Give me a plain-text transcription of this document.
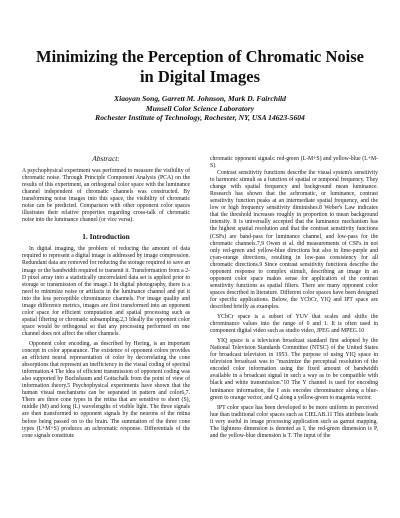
Minimizing the Perception of Chromatic Noise
in Digital Images
Xiaoyan Song, Garrett M. Johnson, Mark D. Fairchild
Munsell Color Science Laboratory
Rochester Institute of Technology, Rochester, NY, USA 14623-5604
Abstract:

A psychophysical experiment was performed to measure the visibility of chromatic noise. Through Principle Component Analysis (PCA) on the results of this experiment, an orthogonal color space with the luminance channel independent of chromatic channels was constructed. By transforming noise images into this space, the visibility of chromatic noise can be predicted. Comparison with other opponent color spaces illustrates their relative properties regarding cross-talk of chromatic noise into the luminance channel (or vice versa).

1. Introduction

In digital imaging, the problem of reducing the amount of data required to represent a digital image is addressed by image compression. Redundant data are removed for reducing the storage required to save an image or the bandwidth required to transmit it. Transformation from a 2-D pixel array into a statistically uncorrelated data set is applied prior to storage or transmission of the image.1 In digital photography, there is a need to minimize noise or artifacts in the luminance channel and put it into the less perceptible chrominance channels. For image quality and image difference metrics, images are first transformed into an opponent color space for efficient computation and spatial processing such as spatial filtering or chromatic subsampling.2,3 Ideally the opponent color space would be orthogonal so that any processing performed on one channel does not affect the other channels.

Opponent color encoding, as described by Hering, is an important concept in color appearance. The existence of opponent colors provides an efficient neural representation of color by decorrelating the cone absorptions that represent an inefficiency in the visual coding of spectral information.4 The idea of efficient transmission of opponent coding was also supported by Buchsbaum and Gottschalk from the point of view of information theory.5 Psychophysical experiments have shown that the human visual mechanisms can be separated in pattern and color6,7. There are three cone types in the retina that are sensitive to short (S), middle (M) and long (L) wavelengths of visible light. The three signals are then transformed to opponent signals by the neurons of the retina before being passed on to the brain. The summation of the three cone types (L+M+S) produces an achromatic response. Differentials of the cone signals constitute

chromatic opponent signals: red-green (L-M+S) and yellow-blue (L+M-S).

Contrast sensitivity functions describe the visual system's sensitivity to harmonic stimuli as a function of spatial or temporal frequency. They change with spatial frequency and background mean luminance. Research has shown that the achromatic, or luminance, contrast sensitivity function peaks at an intermediate spatial frequency, and the low or high frequency sensitivity diminishes.8 Weber's Law indicates that the threshold increases roughly in proportion to mean background intensity. It is universally accepted that the luminance mechanism has the highest spatial resolution and that the contrast sensitivity functions (CSFs) are band-pass for luminance channel, and low-pass for the chromatic channels.7,9 Owen et al. did measurements of CSFs in not only red-green and yellow-blue directions but also in lime-purple and cyan-orange directions, resulting in low-pass consistency for all chromatic directions.9 Since contrast sensitivity functions describe the opponent response to complex stimuli, describing an image in an opponent color space makes sense for application of the contrast sensitivity functions as spatial filters. There are many opponent color spaces described in literature. Different color spaces have been designed for specific applications. Below, the YCbCr, YIQ and IPT space are described briefly as examples.

YCbCr space is a subset of YUV that scales and shifts the chrominance values into the range of 0 and 1. It is often used in component digital video such as studio video, JPEG and MPEG.10

YIQ space is a television broadcast standard first adopted by the National Television Standards Committee (NTSC) of the United States for broadcast television in 1953. The purpose of using YIQ space in television broadcast was to "maximize the perceptual resolution of the encoded color information using the fixed amount of bandwidth available in a broadcast signal in such a way as to be compatible with black and white transmission."10 The Y channel is used for encoding luminance information, the I axis encodes chrominance along a blue-green to orange vector, and Q along a yellow-green to magenta vector.

IPT color space has been developed to be more uniform in perceived hue than traditional color spaces such as CIELAB.11 This attribute leads it very useful in image processing application such as gamut mapping. The lightness dimension is denoted as I, the red-green dimension is P, and the yellow-blue dimension is T. The input of the
